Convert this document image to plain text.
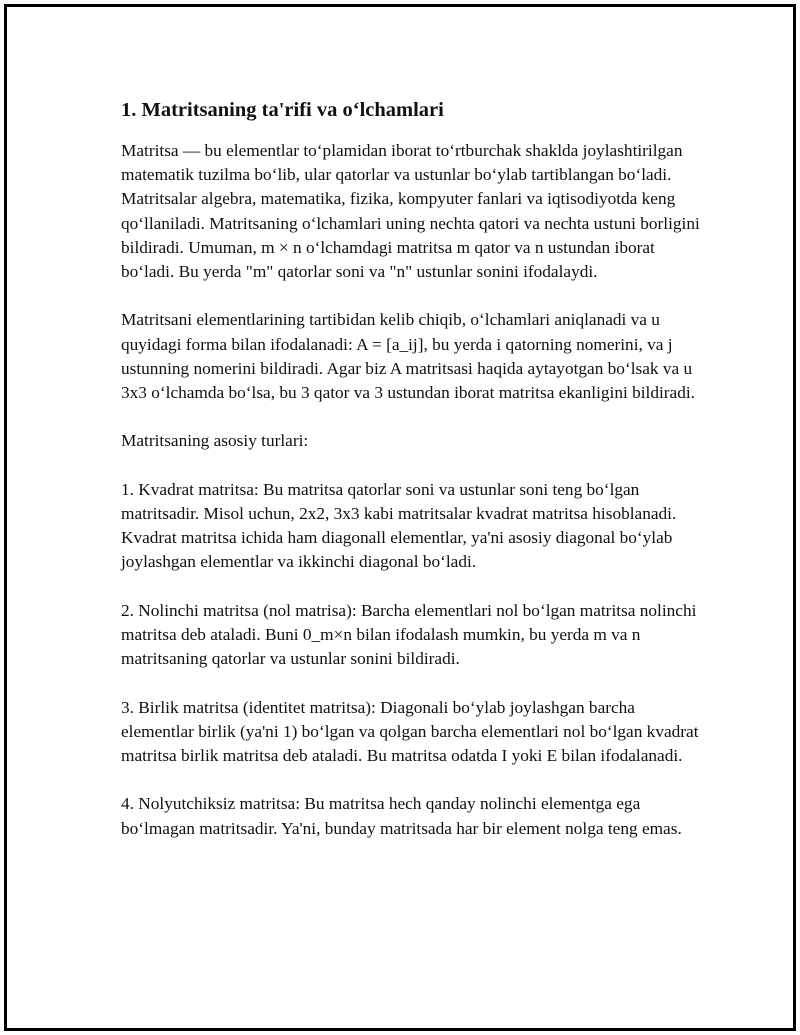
1. Matritsaning ta'rifi va o‘lchamlari

Matritsa — bu elementlar to‘plamidan iborat to‘rtburchak shaklda joylashtirilgan matematik tuzilma bo‘lib, ular qatorlar va ustunlar bo‘ylab tartiblangan bo‘ladi. Matritsalar algebra, matematika, fizika, kompyuter fanlari va iqtisodiyotda keng qo‘llaniladi. Matritsaning o‘lchamlari uning nechta qatori va nechta ustuni borligini bildiradi. Umuman, m × n o‘lchamdagi matritsa m qator va n ustundan iborat bo‘ladi. Bu yerda "m" qatorlar soni va "n" ustunlar sonini ifodalaydi.

Matritsani elementlarining tartibidan kelib chiqib, o‘lchamlari aniqlanadi va u quyidagi forma bilan ifodalanadi: A = [a_ij], bu yerda i qatorning nomerini, va j ustunning nomerini bildiradi. Agar biz A matritsasi haqida aytayotgan bo‘lsak va u 3x3 o‘lchamda bo‘lsa, bu 3 qator va 3 ustundan iborat matritsa ekanligini bildiradi.

Matritsaning asosiy turlari:

1. Kvadrat matritsa: Bu matritsa qatorlar soni va ustunlar soni teng bo‘lgan matritsadir. Misol uchun, 2x2, 3x3 kabi matritsalar kvadrat matritsa hisoblanadi. Kvadrat matritsa ichida ham diagonall elementlar, ya'ni asosiy diagonal bo‘ylab joylashgan elementlar va ikkinchi diagonal bo‘ladi.

2. Nolinchi matritsa (nol matrisa): Barcha elementlari nol bo‘lgan matritsa nolinchi matritsa deb ataladi. Buni 0_m×n bilan ifodalash mumkin, bu yerda m va n matritsaning qatorlar va ustunlar sonini bildiradi.

3. Birlik matritsa (identitet matritsa): Diagonali bo‘ylab joylashgan barcha elementlar birlik (ya'ni 1) bo‘lgan va qolgan barcha elementlari nol bo‘lgan kvadrat matritsa birlik matritsa deb ataladi. Bu matritsa odatda I yoki E bilan ifodalanadi.

4. Nolyutchiksiz matritsa: Bu matritsa hech qanday nolinchi elementga ega bo‘lmagan matritsadir. Ya'ni, bunday matritsada har bir element nolga teng emas.
